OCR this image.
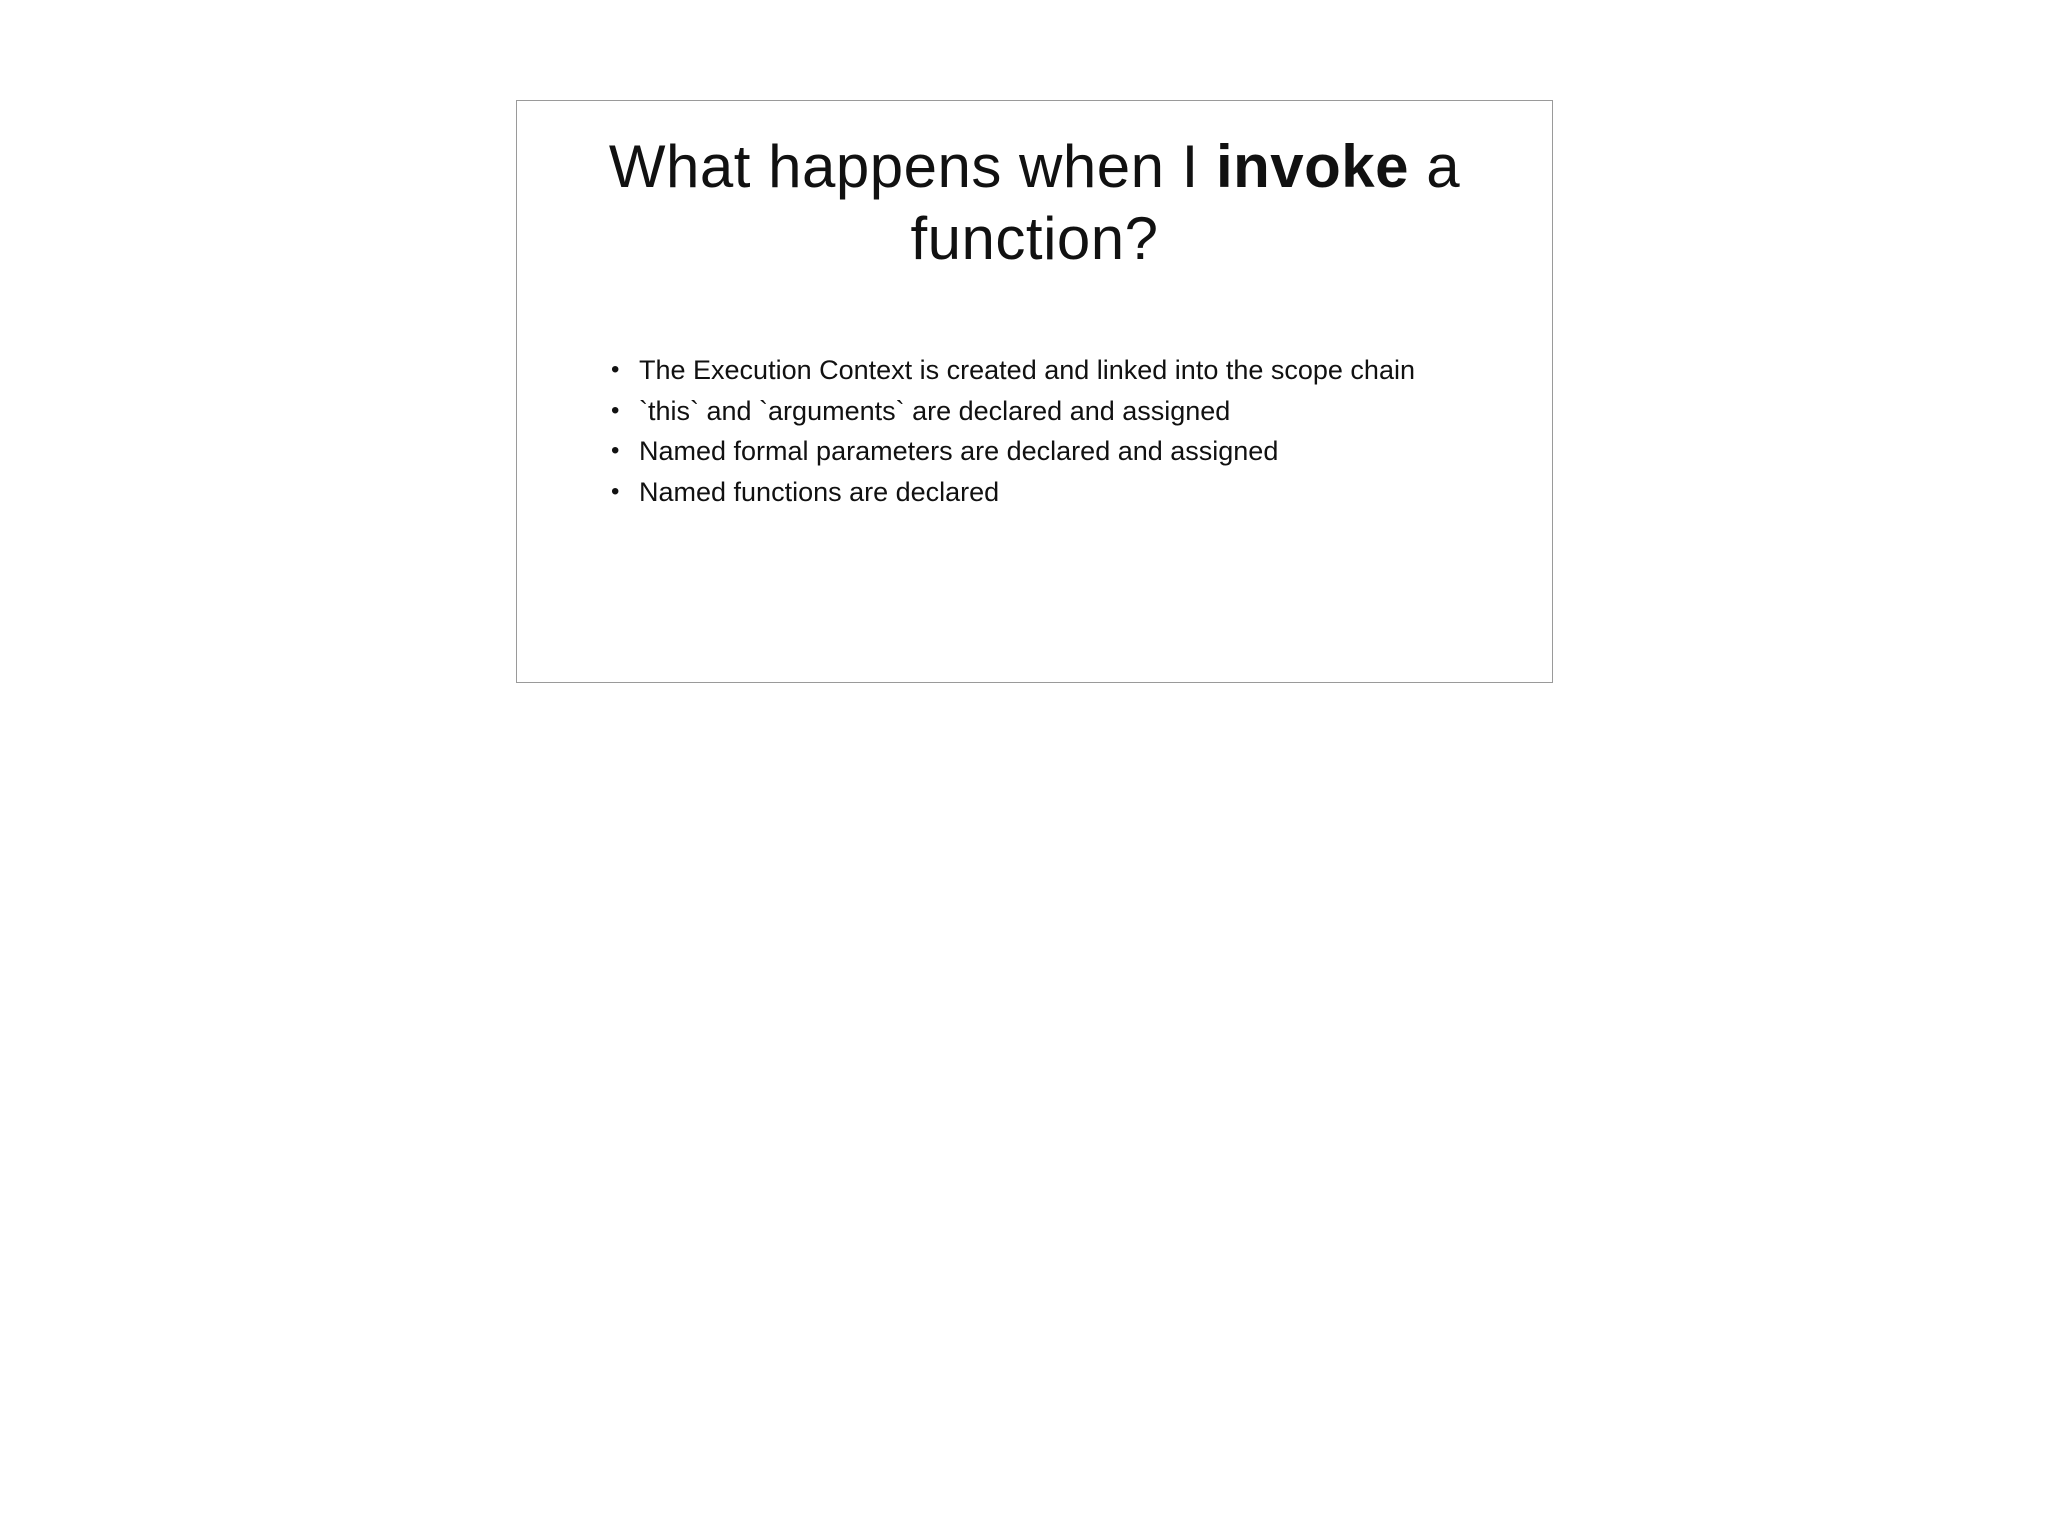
What happens when I invoke a function?
• The Execution Context is created and linked into the scope chain
• `this` and `arguments` are declared and assigned
• Named formal parameters are declared and assigned
• Named functions are declared
